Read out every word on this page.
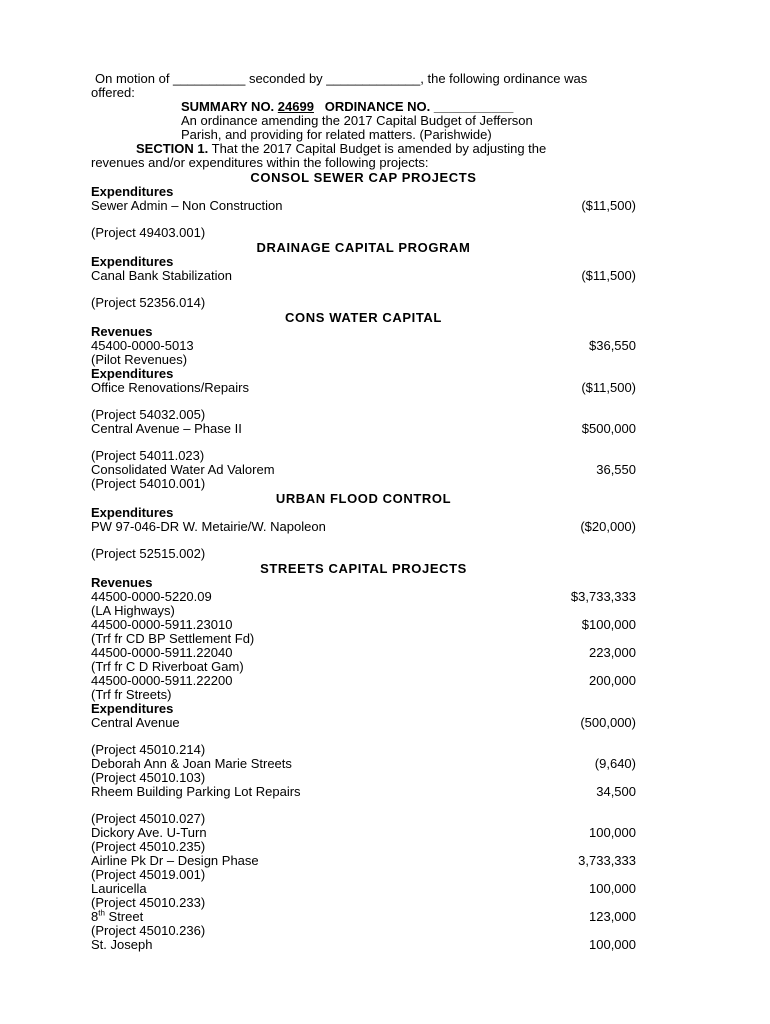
On motion of __________ seconded by _____________, the following ordinance was
offered:
SUMMARY NO. 24699 ORDINANCE NO. ___________
An ordinance amending the 2017 Capital Budget of Jefferson
Parish, and providing for related matters. (Parishwide)
SECTION 1. That the 2017 Capital Budget is amended by adjusting the
revenues and/or expenditures within the following projects:
CONSOL SEWER CAP PROJECTS
Expenditures
Sewer Admin – Non Construction	($11,500)
(Project 49403.001)
DRAINAGE CAPITAL PROGRAM
Expenditures
Canal Bank Stabilization	($11,500)
(Project 52356.014)
CONS WATER CAPITAL
Revenues
45400-0000-5013	$36,550
(Pilot Revenues)
Expenditures
Office Renovations/Repairs	($11,500)
(Project 54032.005)
Central Avenue – Phase II	$500,000
(Project 54011.023)
Consolidated Water Ad Valorem	36,550
(Project 54010.001)
URBAN FLOOD CONTROL
Expenditures
PW 97-046-DR W. Metairie/W. Napoleon	($20,000)
(Project 52515.002)
STREETS CAPITAL PROJECTS
Revenues
44500-0000-5220.09	$3,733,333
(LA Highways)
44500-0000-5911.23010	$100,000
(Trf fr CD BP Settlement Fd)
44500-0000-5911.22040	223,000
(Trf fr C D Riverboat Gam)
44500-0000-5911.22200	200,000
(Trf fr Streets)
Expenditures
Central Avenue	(500,000)
(Project 45010.214)
Deborah Ann & Joan Marie Streets	(9,640)
(Project 45010.103)
Rheem Building Parking Lot Repairs	34,500
(Project 45010.027)
Dickory Ave. U-Turn	100,000
(Project 45010.235)
Airline Pk Dr – Design Phase	3,733,333
(Project 45019.001)
Lauricella	100,000
(Project 45010.233)
8th Street	123,000
(Project 45010.236)
St. Joseph	100,000
